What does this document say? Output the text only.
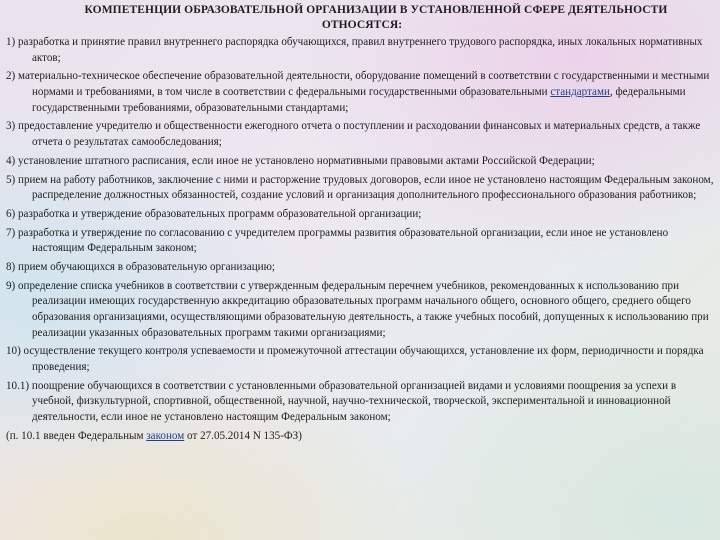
КОМПЕТЕНЦИИ ОБРАЗОВАТЕЛЬНОЙ ОРГАНИЗАЦИИ В УСТАНОВЛЕННОЙ СФЕРЕ ДЕЯТЕЛЬНОСТИ
ОТНОСЯТСЯ:

1) разработка и принятие правил внутреннего распорядка обучающихся, правил внутреннего трудового распорядка, иных локальных нормативных актов;

2) материально-техническое обеспечение образовательной деятельности, оборудование помещений в соответствии с государственными и местными нормами и требованиями, в том числе в соответствии с федеральными государственными образовательными стандартами, федеральными государственными требованиями, образовательными стандартами;

3) предоставление учредителю и общественности ежегодного отчета о поступлении и расходовании финансовых и материальных средств, а также отчета о результатах самообследования;

4) установление штатного расписания, если иное не установлено нормативными правовыми актами Российской Федерации;

5) прием на работу работников, заключение с ними и расторжение трудовых договоров, если иное не установлено настоящим Федеральным законом, распределение должностных обязанностей, создание условий и организация дополнительного профессионального образования работников;

6) разработка и утверждение образовательных программ образовательной организации;

7) разработка и утверждение по согласованию с учредителем программы развития образовательной организации, если иное не установлено настоящим Федеральным законом;

8) прием обучающихся в образовательную организацию;

9) определение списка учебников в соответствии с утвержденным федеральным перечнем учебников, рекомендованных к использованию при реализации имеющих государственную аккредитацию образовательных программ начального общего, основного общего, среднего общего образования организациями, осуществляющими образовательную деятельность, а также учебных пособий, допущенных к использованию при реализации указанных образовательных программ такими организациями;

10) осуществление текущего контроля успеваемости и промежуточной аттестации обучающихся, установление их форм, периодичности и порядка проведения;

10.1) поощрение обучающихся в соответствии с установленными образовательной организацией видами и условиями поощрения за успехи в учебной, физкультурной, спортивной, общественной, научной, научно-технической, творческой, экспериментальной и инновационной деятельности, если иное не установлено настоящим Федеральным законом;

(п. 10.1 введен Федеральным законом от 27.05.2014 N 135-ФЗ)
